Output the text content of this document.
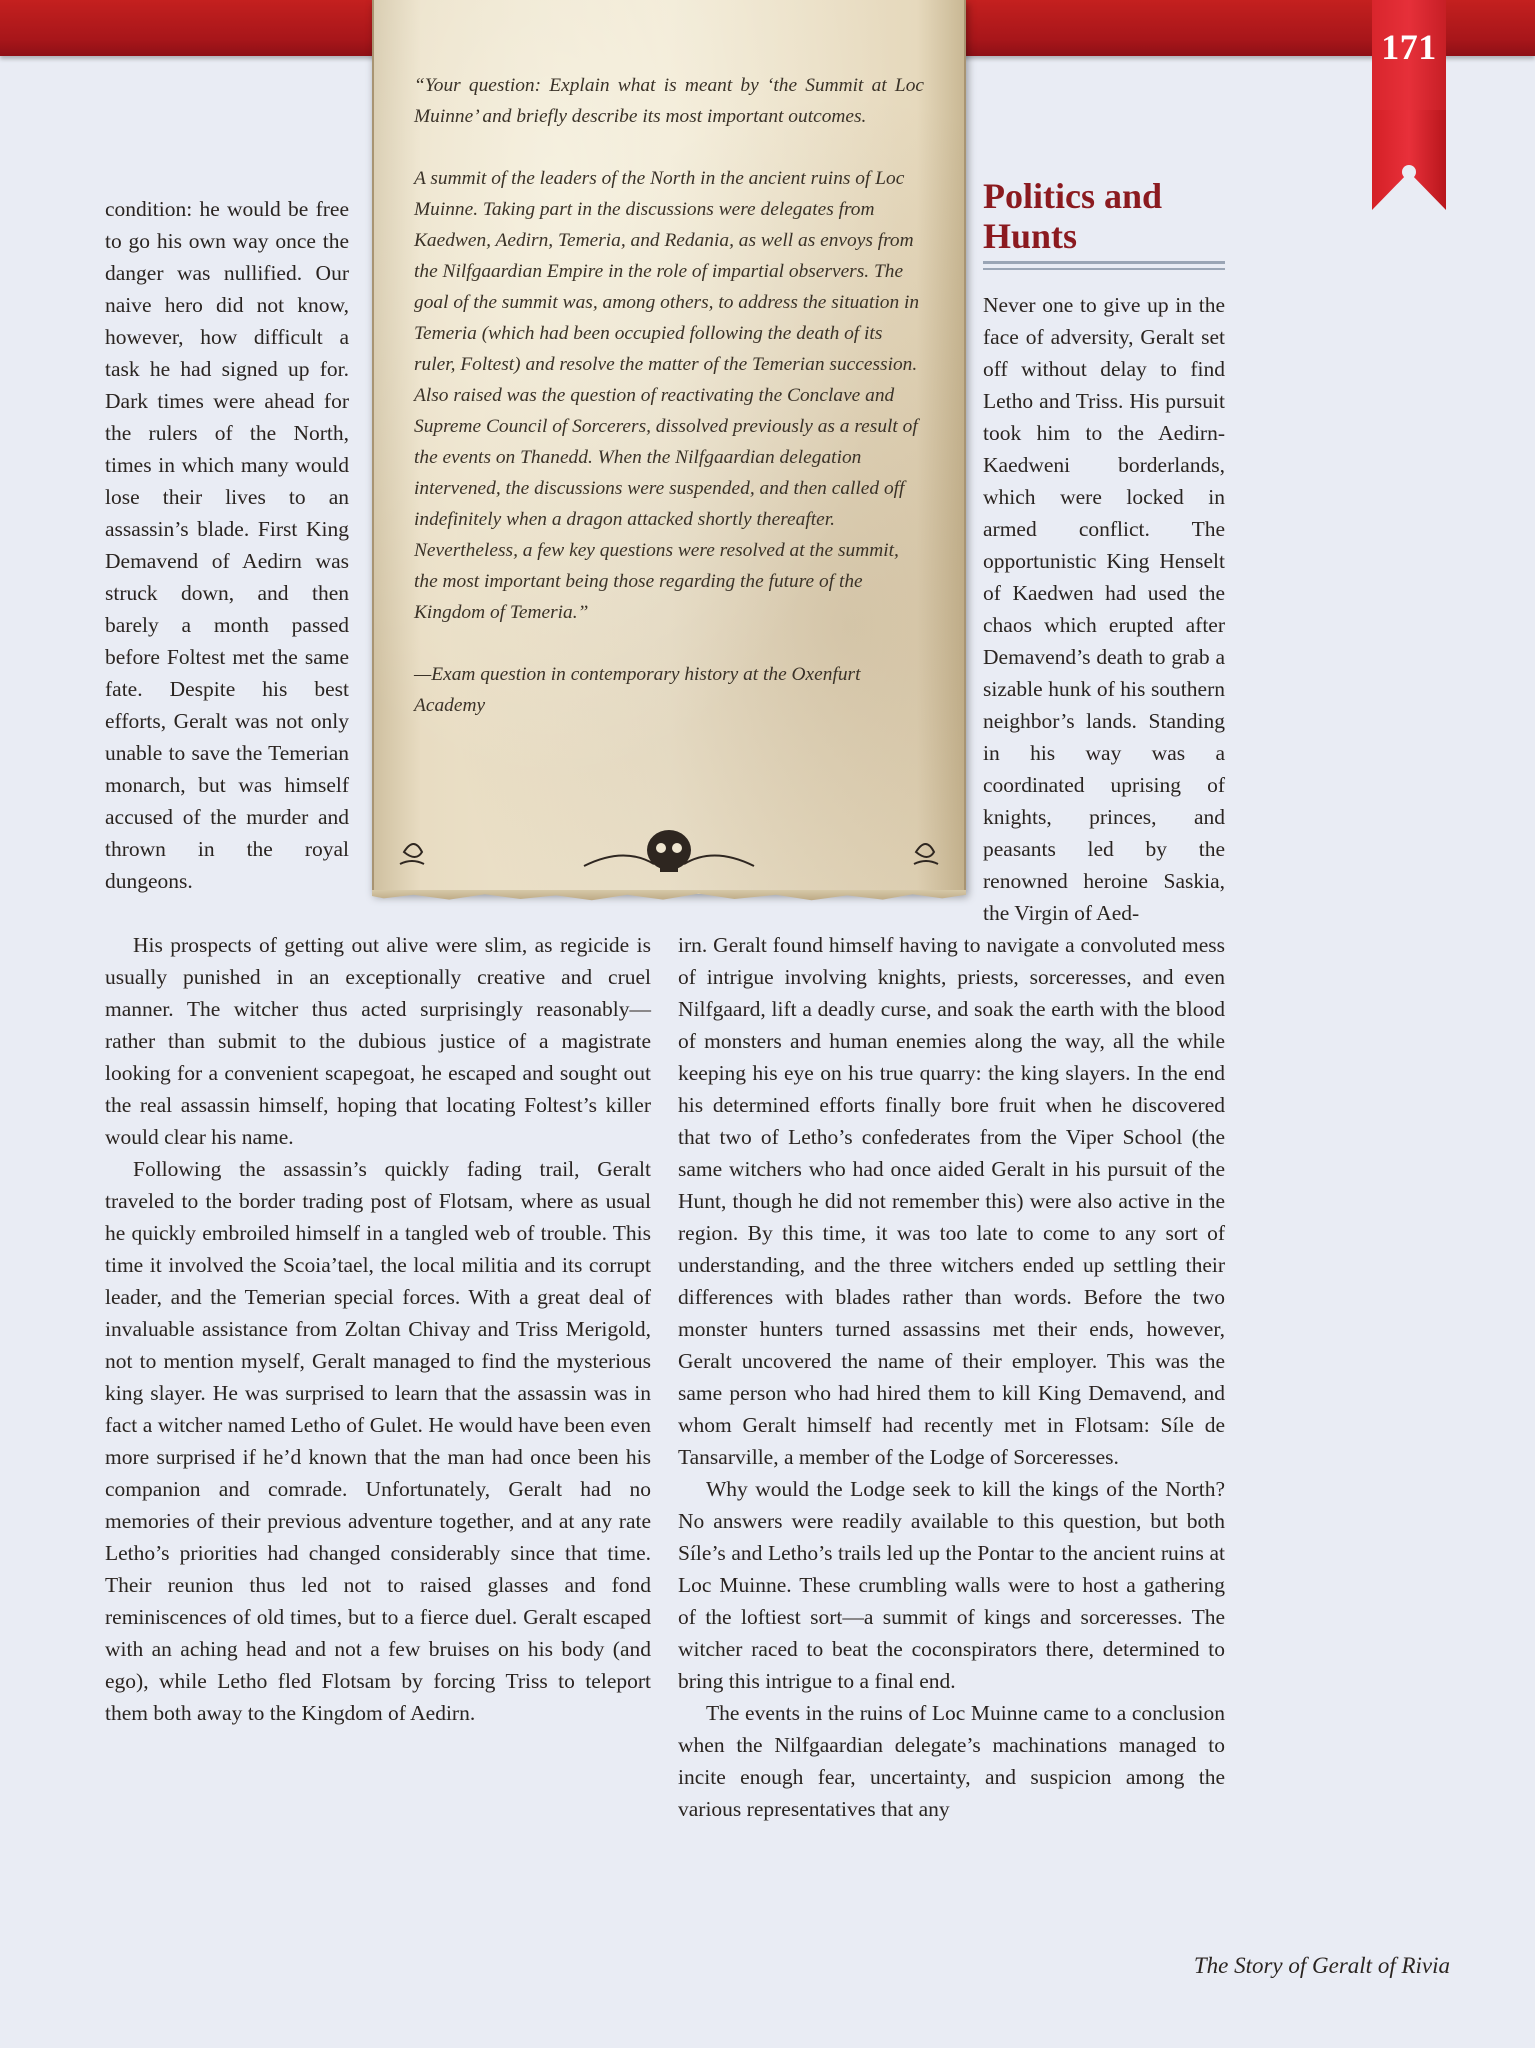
171

“Your question: Explain what is meant by ‘the Summit at Loc Muinne’ and briefly describe its most important outcomes.

A summit of the leaders of the North in the ancient ruins of Loc Muinne. Taking part in the discussions were delegates from Kaedwen, Aedirn, Temeria, and Redania, as well as envoys from the Nilfgaardian Empire in the role of impartial observers. The goal of the summit was, among others, to address the situation in Temeria (which had been occupied following the death of its ruler, Foltest) and resolve the matter of the Temerian succession. Also raised was the question of reactivating the Conclave and Supreme Council of Sorcerers, dissolved previously as a result of the events on Thanedd. When the Nilfgaardian delegation intervened, the discussions were suspended, and then called off indefinitely when a dragon attacked shortly thereafter. Nevertheless, a few key questions were resolved at the summit, the most important being those regarding the future of the Kingdom of Temeria.”

—Exam question in contemporary history at the Oxenfurt Academy

Politics and Hunts

condition: he would be free to go his own way once the danger was nullified. Our naive hero did not know, however, how difficult a task he had signed up for. Dark times were ahead for the rulers of the North, times in which many would lose their lives to an assassin’s blade. First King Demavend of Aedirn was struck down, and then barely a month passed before Foltest met the same fate. Despite his best efforts, Geralt was not only unable to save the Temerian monarch, but was himself accused of the murder and thrown in the royal dungeons.

His prospects of getting out alive were slim, as regicide is usually punished in an exceptionally creative and cruel manner. The witcher thus acted surprisingly reasonably—rather than submit to the dubious justice of a magistrate looking for a convenient scapegoat, he escaped and sought out the real assassin himself, hoping that locating Foltest’s killer would clear his name.

Following the assassin’s quickly fading trail, Geralt traveled to the border trading post of Flotsam, where as usual he quickly embroiled himself in a tangled web of trouble. This time it involved the Scoia’tael, the local militia and its corrupt leader, and the Temerian special forces. With a great deal of invaluable assistance from Zoltan Chivay and Triss Merigold, not to mention myself, Geralt managed to find the mysterious king slayer. He was surprised to learn that the assassin was in fact a witcher named Letho of Gulet. He would have been even more surprised if he’d known that the man had once been his companion and comrade. Unfortunately, Geralt had no memories of their previous adventure together, and at any rate Letho’s priorities had changed considerably since that time. Their reunion thus led not to raised glasses and fond reminiscences of old times, but to a fierce duel. Geralt escaped with an aching head and not a few bruises on his body (and ego), while Letho fled Flotsam by forcing Triss to teleport them both away to the Kingdom of Aedirn.

Never one to give up in the face of adversity, Geralt set off without delay to find Letho and Triss. His pursuit took him to the Aedirn-Kaedweni borderlands, which were locked in armed conflict. The opportunistic King Henselt of Kaedwen had used the chaos which erupted after Demavend’s death to grab a sizable hunk of his southern neighbor’s lands. Standing in his way was a coordinated uprising of knights, princes, and peasants led by the renowned heroine Saskia, the Virgin of Aed-

irn. Geralt found himself having to navigate a convoluted mess of intrigue involving knights, priests, sorceresses, and even Nilfgaard, lift a deadly curse, and soak the earth with the blood of monsters and human enemies along the way, all the while keeping his eye on his true quarry: the king slayers. In the end his determined efforts finally bore fruit when he discovered that two of Letho’s confederates from the Viper School (the same witchers who had once aided Geralt in his pursuit of the Hunt, though he did not remember this) were also active in the region. By this time, it was too late to come to any sort of understanding, and the three witchers ended up settling their differences with blades rather than words. Before the two monster hunters turned assassins met their ends, however, Geralt uncovered the name of their employer. This was the same person who had hired them to kill King Demavend, and whom Geralt himself had recently met in Flotsam: Síle de Tansarville, a member of the Lodge of Sorceresses.

Why would the Lodge seek to kill the kings of the North? No answers were readily available to this question, but both Síle’s and Letho’s trails led up the Pontar to the ancient ruins at Loc Muinne. These crumbling walls were to host a gathering of the loftiest sort—a summit of kings and sorceresses. The witcher raced to beat the coconspirators there, determined to bring this intrigue to a final end.

The events in the ruins of Loc Muinne came to a conclusion when the Nilfgaardian delegate’s machinations managed to incite enough fear, uncertainty, and suspicion among the various representatives that any

The Story of Geralt of Rivia
